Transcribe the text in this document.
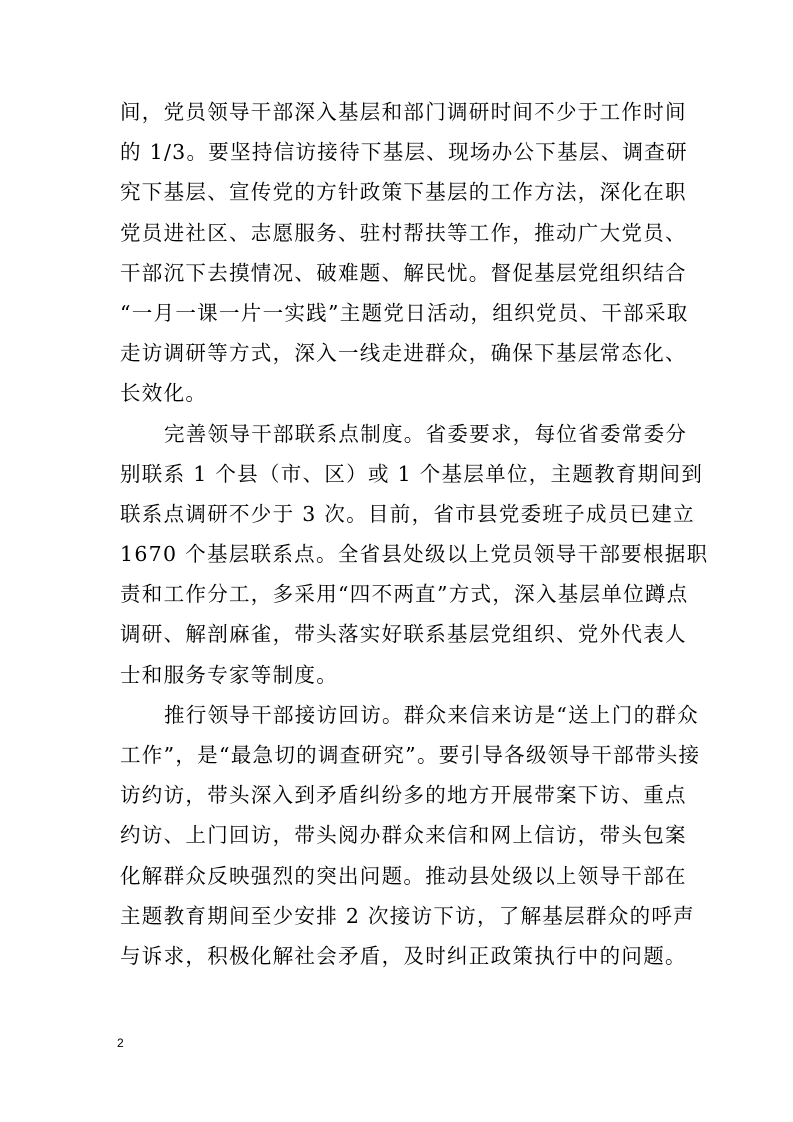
间，党员领导干部深入基层和部门调研时间不少于工作时间
的 1/3。要坚持信访接待下基层、现场办公下基层、调查研
究下基层、宣传党的方针政策下基层的工作方法，深化在职
党员进社区、志愿服务、驻村帮扶等工作，推动广大党员、
干部沉下去摸情况、破难题、解民忧。督促基层党组织结合
“一月一课一片一实践”主题党日活动，组织党员、干部采取
走访调研等方式，深入一线走进群众，确保下基层常态化、
长效化。
完善领导干部联系点制度。省委要求，每位省委常委分
别联系 1 个县（市、区）或 1 个基层单位，主题教育期间到
联系点调研不少于 3 次。目前，省市县党委班子成员已建立
1670 个基层联系点。全省县处级以上党员领导干部要根据职
责和工作分工，多采用“四不两直”方式，深入基层单位蹲点
调研、解剖麻雀，带头落实好联系基层党组织、党外代表人
士和服务专家等制度。
推行领导干部接访回访。群众来信来访是“送上门的群众
工作”，是“最急切的调查研究”。要引导各级领导干部带头接
访约访，带头深入到矛盾纠纷多的地方开展带案下访、重点
约访、上门回访，带头阅办群众来信和网上信访，带头包案
化解群众反映强烈的突出问题。推动县处级以上领导干部在
主题教育期间至少安排 2 次接访下访，了解基层群众的呼声
与诉求，积极化解社会矛盾，及时纠正政策执行中的问题。
2
